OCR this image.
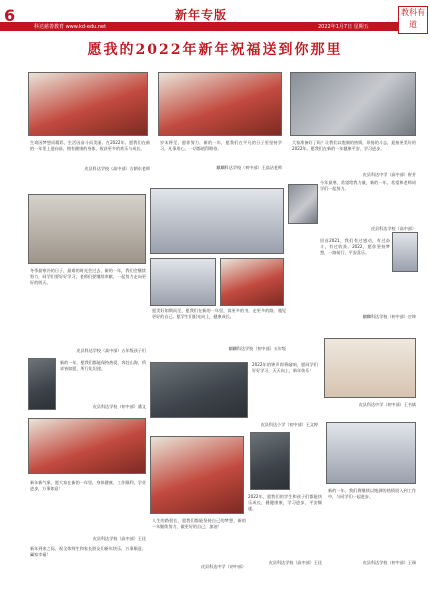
6	新年专版
科达慈善教育 www.kd-edu.net	2022年1月7日 星期五
教科有道
愿我的2022年新年祝福送到你那里
生命因梦想而精彩，生活因奋斗而美丽。在2022年，愿我们在新的一年里上进向前，拥有健康的身体，收获更多的欢乐与成长。
皮县科达学校（高中部）方朝东老师
岁末将至，愿你努力，新的一年，愿我们在平凡的日子里坚持学习，凡事用心，一切都值得期待。
麒麟科达学校（初中部）王高洁老师
大家准备好了吗？让我们以饱满的热情，昂扬的斗志，迎接更美好的2022年。愿我们在新的一年健康平安，学习进步。
皮县科达中学（高中部）崔芳
今年最寒，希望给我力量，新的一年，希望和老师同学们一起努力。
皮县科达学校（高中部）
冬季最寒冷的日子，最难的时光会过去，新的一年，我们会继续努力，同学们要好好学习，老师们要继续奉献，一起努力走向更好的明天。
皮县科达学校（高中部）五年级孩子们
愿美好如期而至，愿我们在新的一年里，读更多的书，走更多的路，遇见更好的自己。愿学生们阳光向上，健康成长。
麒麟科达学校（初中部）五年级
回首2021，我们有过感动，有过奋斗，有过收获。2022，愿你坚持梦想，一路前行，平安喜乐。
麒麟科达学校（初中部）庄坤
新的一年，愿我们都能保持热爱，奔赴山海，所求皆如愿，所行化坦途。
皮县科达学校（初中部）潘文
2022年的钟声即将敲响，愿同学们好好学习，天天向上，新年快乐！
皮县科达小学（初中部）王文婷
皮县科达中学（初中部）王书斌
新年新气象，愿大家在新的一年里，身体健康，工作顺利，学业进步，万事如意！
皮县科达学校（高中部）王佳
人生的路很长，愿我们都能坚持自己的梦想，新的一年继续努力，做更好的自己，加油！
皮县科达中学（初中部）
2022年，愿我们的学生和孩子们都能快乐成长，健健康康，学习进步，平安顺遂。
皮县科达学校（高中部）王佳
新的一年，我们将继续以饱满的热情投入到工作中，与同学们一起进步。
皮县科达学校（初中部）王瑞
新年到来之际，祝全体师生和家长朋友们新年快乐，万事顺意，阖家幸福！
